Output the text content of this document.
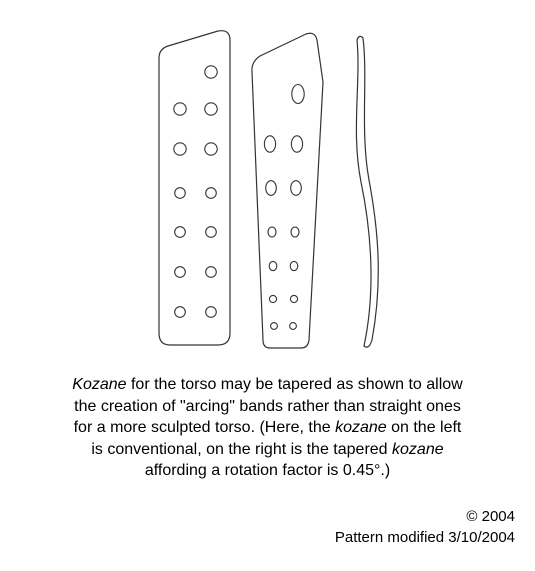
Kozane for the torso may be tapered as shown to allow
the creation of "arcing" bands rather than straight ones
for a more sculpted torso. (Here, the kozane on the left
is conventional, on the right is the tapered kozane
affording a rotation factor is 0.45°.)
© 2004
Pattern modified 3/10/2004
